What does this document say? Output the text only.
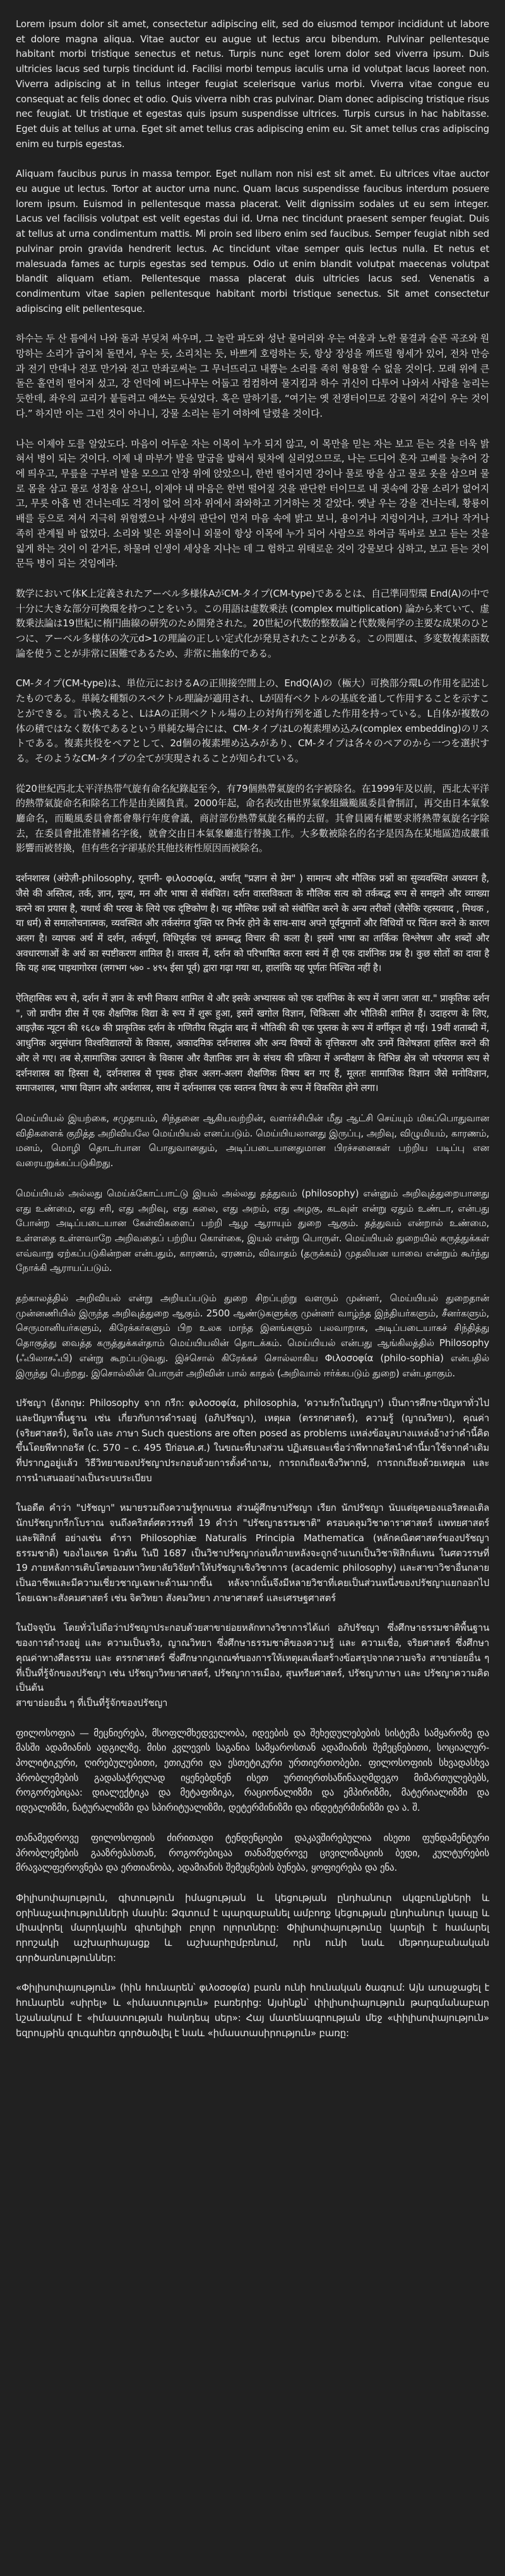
Lorem ipsum dolor sit amet, consectetur adipiscing elit, sed do eiusmod tempor incididunt ut labore et dolore magna aliqua. Vitae auctor eu augue ut lectus arcu bibendum. Pulvinar pellentesque habitant morbi tristique senectus et netus. Turpis nunc eget lorem dolor sed viverra ipsum. Duis ultricies lacus sed turpis tincidunt id. Facilisi morbi tempus iaculis urna id volutpat lacus laoreet non. Viverra adipiscing at in tellus integer feugiat scelerisque varius morbi. Viverra vitae congue eu consequat ac felis donec et odio. Quis viverra nibh cras pulvinar. Diam donec adipiscing tristique risus nec feugiat. Ut tristique et egestas quis ipsum suspendisse ultrices. Turpis cursus in hac habitasse. Eget duis at tellus at urna. Eget sit amet tellus cras adipiscing enim eu. Sit amet tellus cras adipiscing enim eu turpis egestas.

Aliquam faucibus purus in massa tempor. Eget nullam non nisi est sit amet. Eu ultrices vitae auctor eu augue ut lectus. Tortor at auctor urna nunc. Quam lacus suspendisse faucibus interdum posuere lorem ipsum. Euismod in pellentesque massa placerat. Velit dignissim sodales ut eu sem integer. Lacus vel facilisis volutpat est velit egestas dui id. Urna nec tincidunt praesent semper feugiat. Duis at tellus at urna condimentum mattis. Mi proin sed libero enim sed faucibus. Semper feugiat nibh sed pulvinar proin gravida hendrerit lectus. Ac tincidunt vitae semper quis lectus nulla. Et netus et malesuada fames ac turpis egestas sed tempus. Odio ut enim blandit volutpat maecenas volutpat blandit aliquam etiam. Pellentesque massa placerat duis ultricies lacus sed. Venenatis a condimentum vitae sapien pellentesque habitant morbi tristique senectus. Sit amet consectetur adipiscing elit pellentesque.

하수는 두 산 틈에서 나와 돌과 부딪쳐 싸우며, 그 놀란 파도와 성난 물머리와 우는 여울과 노한 물결과 슬픈 곡조와 원망하는 소리가 굽이쳐 돌면서, 우는 듯, 소리치는 듯, 바쁘게 호령하는 듯, 항상 장성을 깨뜨릴 형세가 있어, 전차 만승과 전기 만대나 전포 만가와 전고 만좌로써는 그 무너뜨리고 내뿜는 소리를 족히 형용할 수 없을 것이다. 모래 위에 큰 돌은 홀연히 떨어져 섰고, 강 언덕에 버드나무는 어둡고 컴컴하여 물지킴과 하수 귀신이 다투어 나와서 사람을 놀리는 듯한데, 좌우의 교리가 붙들려고 애쓰는 듯싶었다. 혹은 말하기를, “여기는 옛 전쟁터이므로 강물이 저같이 우는 것이다.” 하지만 이는 그런 것이 아니니, 강물 소리는 듣기 여하에 달렸을 것이다.

나는 이제야 도를 알았도다. 마음이 어두운 자는 이목이 누가 되지 않고, 이 목만을 믿는 자는 보고 듣는 것을 더욱 밝혀서 병이 되는 것이다. 이제 내 마부가 발을 말굽을 밟혀서 뒷차에 실리었으므로, 나는 드디어 혼자 고삐를 늦추어 강에 띄우고, 무릎을 구부려 발을 모으고 안장 위에 앉았으니, 한번 떨어지면 강이나 물로 땅을 삼고 물로 옷을 삼으며 물로 몸을 삼고 물로 성정을 삼으니, 이제야 내 마음은 한번 떨어질 것을 판단한 터이므로 내 귓속에 강물 소리가 없어지고, 무릇 아홉 번 건너는데도 걱정이 없어 의자 위에서 좌와하고 기거하는 것 같았다. 옛날 우는 강을 건너는데, 황룡이 배를 등으로 져서 지극히 위험했으나 사생의 판단이 먼저 마음 속에 밝고 보니, 용이거나 지렁이거나, 크거나 작거나 족히 관계될 바 없었다. 소리와 빛은 외물이니 외물이 항상 이목에 누가 되어 사람으로 하여금 똑바로 보고 듣는 것을 잃게 하는 것이 이 같거든, 하물며 인생이 세상을 지나는 데 그 험하고 위태로운 것이 강물보다 심하고, 보고 듣는 것이 문득 병이 되는 것임에랴.

数学において体K上定義されたアーベル多様体AがCM-タイプ(CM-type)であるとは、自己準同型環 End(A)の中で十分に大きな部分可換環を持つことをいう。この用語は虚数乗法 (complex multiplication) 論から来ていて、虚数乗法論は19世紀に楕円曲線の研究のため開発された。20世紀の代数的整数論と代数幾何学の主要な成果のひとつに、アーベル多様体の次元d>1の理論の正しい定式化が発見されたことがある。この問題は、多変数複素函数論を使うことが非常に困難であるため、非常に抽象的である。

CM-タイプ(CM-type)は、単位元におけるAの正則接空間上の、EndQ(A)の（極大）可換部分環Lの作用を記述したものである。単純な種類のスペクトル理論が適用され、Lが固有ベクトルの基底を通して作用することを示すことができる。言い換えると、LはAの正則ベクトル場の上の対角行列を通した作用を持っている。L自体が複数の体の積ではなく数体であるという単純な場合には、CM-タイプはLの複素埋め込み(complex embedding)のリストである。複素共役をペアとして、2d個の複素埋め込みがあり、CM-タイプは各々のペアのから一つを選択する。そのようなCM-タイプの全てが実現されることが知られている。

從20世紀西北太平洋热带气旋有命名紀錄起至今，有79個熱帶氣旋的名字被除名。在1999年及以前，西北太平洋的熱帶氣旋命名和除名工作是由美國負責。2000年起，命名表改由世界氣象組織颱風委員會制訂，再交由日本氣象廳命名，而颱風委員會都會舉行年度會議，商討部份熱帶氣旋名稱的去留。其會員國有權要求將熱帶氣旋名字除去，在委員會批准替補名字後，就會交由日本氣象廳進行替換工作。大多數被除名的名字是因為在某地區造成嚴重影響而被替換，但有些名字卻基於其他技術性原因而被除名。

दर्शनशास्त्र (अंग्रेज़ी-philosophy, यूनानी- φιλοσοφία, अर्थात् "प्रज्ञान से प्रेम" ) सामान्य और मौलिक प्रश्नों का सुव्यवस्थित अध्ययन है, जैसे की अस्तित्व, तर्क, ज्ञान, मूल्य, मन और भाषा से संबंधित। दर्शन वास्तविकता के मौलिक सत्य को तर्कबद्ध रूप से समझने और व्याख्या करने का प्रयास है, यथार्थ की परख के लिये एक दृष्टिकोण है। यह मौलिक प्रश्नों को संबोधित करने के अन्य तरीकों (जैसेकि रहस्यवाद , मिथक , या धर्म) से समालोचनात्मक, व्यवस्थित और तर्कसंगत युक्ति पर निर्भर होने के साथ-साथ अपने पूर्वनुमानों और विधियों पर चिंतन करने के कारण अलग है। व्यापक अर्थ में दर्शन, तर्कपूर्ण, विधिपूर्वक एवं क्रमबद्ध विचार की कला है। इसमें भाषा का तार्किक विश्लेषण और शब्दों और अवधारणाओं के अर्थ का स्पष्टीकरण शामिल है। वास्तव में, दर्शन को परिभाषित करना स्वयं में ही एक दार्शनिक प्रश्न है। कुछ सोतों का दावा है कि यह शब्द पाइथागोरस (लगभग ५७० - ४९५ ईसा पूर्व) द्वारा गढ़ा गया था, हालांकि यह पूर्णतः निश्चित नहीं है।

ऐतिहासिक रूप से, दर्शन में ज्ञान के सभी निकाय शामिल थे और इसके अभ्यासक को एक दार्शनिक के रूप में जाना जाता था." प्राकृतिक दर्शन ", जो प्राचीन ग्रीस में एक शैक्षणिक विद्या के रूप में शुरू हुआ, इसमें खगोल विज्ञान, चिकित्सा और भौतिकी शामिल हैं। उदाहरण के लिए, आइज़ैक न्यूटन की १६८७ की प्राकृतिक दर्शन के गणितीय सिद्धांत बाद में भौतिकी की एक पुस्तक के रूप में वर्गीकृत हो गई। 19वीं शताब्दी में, आधुनिक अनुसंधान विश्वविद्यालयों के विकास, अकादमिक दर्शनशास्त्र और अन्य विषयों के वृत्तिकरण और उनमें विशेषज्ञता हासिल करने की ओर ले गए। तब से,सामाजिक उत्पादन के विकास और वैज्ञानिक ज्ञान के संचय की प्रक्रिया में अन्वीक्षण के विभिन्न क्षेत्र जो परंपरागत रूप से दर्शनशास्त्र का हिस्सा थे, दर्शनशास्त्र से पृथक होकर अलग-अलग शैक्षणिक विषय बन गए हैं, मूलतः सामाजिक विज्ञान जैसे मनोविज्ञान, समाजशास्त्र, भाषा विज्ञान और अर्थशास्त्र, साथ में दर्शनशास्त्र एक स्वतन्त्र विषय के रूप में विकसित होने लगा।

மெய்யியல் இயற்கை, சமுதாயம், சிந்தனை ஆகியவற்றின், வளர்ச்சியின் மீது ஆட்சி செய்யும் மிகப்பொதுவான விதிகளைக் குறித்த அறிவியலே மெய்யியல் எனப்படும். மெய்யியலானது இருப்பு, அறிவு, விழுமியம், காரணம், மனம், மொழி தொடர்பான பொதுவானதும், அடிப்படையானதுமான பிரச்சனைகள் பற்றிய படிப்பு என வரையறுக்கப்படுகிறது.

மெய்யியல் அல்லது மெய்க்கோட்பாட்டு இயல் அல்லது தத்துவம் (philosophy) என்னும் அறிவுத்துறையானது எது உண்மை, எது சரி, எது அறிவு, எது கலை, எது அறம், எது அழகு, கடவுள் என்று ஏதும் உண்டா, என்பது போன்ற அடிப்படையான கேள்விகளைப் பற்றி ஆழ ஆராயும் துறை ஆகும். தத்துவம் என்றால் உண்மை, உள்ளதை உள்ளவாறே அறிவதைப் பற்றிய கொள்கை, இயல் என்று பொருள். மெய்யியல் துறையில் கருத்துக்கள் எவ்வாறு ஏற்கப்படுகின்றன என்பதும், காரணம், ஏரணம், விவாதம் (தருக்கம்) முதலியன யாவை என்றும் கூர்ந்து நோக்கி ஆராயப்படும்.

தற்காலத்தில் அறிவியல் என்று அறியப்படும் துறை சிறப்புற்று வளரும் முன்னர், மெய்யியல் துறைதான் முன்னணியில் இருந்த அறிவுத்துறை ஆகும். 2500 ஆண்டுகளுக்கு முன்னர் வாழ்ந்த இந்தியர்களும், சீனர்களும், செருமானியர்களும், கிரேக்கர்களும் பிற உலக மாந்த இனங்களும் பலவாறாக, அடிப்படையாகச் சிந்தித்து தொகுத்து வைத்த கருத்துக்கள்தாம் மெய்யியலின் தொடக்கம். மெய்யியல் என்பது ஆங்கிலத்தில் Philosophy (ஃபிலாசஃபி) என்று கூறப்படுவது. இச்சொல் கிரேக்கச் சொல்லாகிய Φιλοσοφία (philo-sophia) என்பதில் இருந்து பெற்றது. இசொல்லின் பொருள் அறிவின் பால் காதல் (அறிவால் ஈர்க்கபடும் துறை) என்பதாகும்.

ปรัชญา (อังกฤษ: Philosophy จาก กรีก: φιλοσοφία, philosophia, 'ความรักในปัญญา') เป็นการศึกษาปัญหาทั่วไปและปัญหาพื้นฐาน เช่น เกี่ยวกับการดำรงอยู่ (อภิปรัชญา), เหตุผล (ตรรกศาสตร์), ความรู้ (ญาณวิทยา), คุณค่า (จริยศาสตร์), จิตใจ และ ภาษา Such questions are often posed as problems แหล่งข้อมูลบางแหล่งอ้างว่าคำนี้คิดขึ้นโดยพีทากอรัส (c. 570 – c. 495 ปีก่อนค.ศ.) ในขณะที่บางส่วน ปฏิเสธและเชื่อว่าพีทากอรัสนำคำนี้มาใช้จากคำเดิมที่ปรากฏอยู่แล้ว วิธีวิทยาของปรัชญาประกอบด้วยการตั้งคำถาม, การถกเถียงเชิงวิพากษ์, การถกเถียงด้วยเหตุผล และการนำเสนออย่างเป็นระบบระเบียบ

ในอดีต คำว่า "ปรัชญา" หมายรวมถึงความรู้ทุกแขนง ส่วนผู้ศึกษาปรัชญา เรียก นักปรัชญา นับแต่ยุคของแอริสตอเติล นักปรัชญากรีกโบราณ จนถึงคริสต์ศตวรรษที่ 19 คำว่า "ปรัชญาธรรมชาติ" ครอบคลุมวิชาดาราศาสตร์ แพทยศาสตร์และฟิสิกส์ อย่างเช่น ตำรา Philosophiæ Naturalis Principia Mathematica (หลักคณิตศาสตร์ของปรัชญาธรรมชาติ) ของไอแซค นิวตัน ในปี 1687 เป็นวิชาปรัชญาก่อนที่ภายหลังจะถูกจำแนกเป็นวิชาฟิสิกส์แทน ในศตวรรษที่ 19 ภายหลังการเติบโตของมหาวิทยาลัยวิจัยทำให้ปรัชญาเชิงวิชาการ (academic philosophy) และสาขาวิชาอื่นกลายเป็นอาชีพและมีความเชี่ยวชาญเฉพาะด้านมากขึ้น หลังจากนั้นจึงมีหลายวิชาที่เคยเป็นส่วนหนึ่งของปรัชญาแยกออกไป โดยเฉพาะสังคมศาสตร์ เช่น จิตวิทยา สังคมวิทยา ภาษาศาสตร์ และเศรษฐศาสตร์

ในปัจจุบัน โดยทั่วไปถือว่าปรัชญาประกอบด้วยสาขาย่อยหลักทางวิชาการได้แก่ อภิปรัชญา ซึ่งศึกษาธรรมชาติพื้นฐานของการดำรงอยู่ และ ความเป็นจริง, ญาณวิทยา ซึ่งศึกษาธรรมชาติของความรู้ และ ความเชื่อ, จริยศาสตร์ ซึ่งศึกษาคุณค่าทางศีลธรรม และ ตรรกศาสตร์ ซึ่งศึกษากฎเกณฑ์ของการให้เหตุผลเพื่อสร้างข้อสรุปจากความจริง สาขาย่อยอื่น ๆ ที่เป็นที่รู้จักของปรัชญา เช่น ปรัชญาวิทยาศาสตร์, ปรัชญาการเมือง, สุนทรียศาสตร์, ปรัชญาภาษา และ ปรัชญาความคิด เป็นต้น
สาขาย่อยอื่น ๆ ที่เป็นที่รู้จักของปรัชญา

ფილოსოფია — მეცნიერება, მსოფლმხედველობა, იდეების და შეხედულებების სისტემა სამყაროზე და მასში ადამიანის ადგილზე. მისი კვლევის საგანია სამყაროსთან ადამიანის შემეცნებითი, სოციალურ-პოლიტიკური, ღირებულებითი, ეთიკური და ესთეტიკური ურთიერთობები. ფილოსოფიის სხვადასხვა პრობლემების გადასაჭრელად იყენებდნენ ისეთ ურთიერთსაწინააღმდეგო მიმართულებებს, როგორებიცაა: დიალექტიკა და მეტაფიზიკა, რაციონალიზმი და ემპირიზმი, მატერიალიზმი და იდეალიზმი, ნატურალიზმი და სპირიტუალიზმი, დეტერმინიზმი და ინდეტერმინიზმი და ა. შ.

თანამედროვე ფილოსოფიის ძირითადი ტენდენციები დაკავშირებულია ისეთი ფუნდამენტური პრობლემების გააზრებასთან, როგორებიცაა თანამედროვე ცივილიზაციის ბედი, კულტურების მრავალფეროვნება და ერთიანობა, ადამიანის შემეცნების ბუნება, ყოფიერება და ენა.

Փիլիսոփայություն, գիտություն իմացության և կեցության ընդհանուր սկզբունքների և օրինաչափությունների մասին: Ձգտում է պարզաբանել ամբողջ կեցության ընդհանուր կապը և միավորել մարդկային գիտելիքի բոլոր ոլորտները: Փիլիսոփայությունը կարելի է համարել որոշակի աշխարհայացք և աշխարհըմբռնում, որն ունի նաև մեթոդաբանական գործառնություններ:

«Փիլիսոփայություն» (հին հունարեն՝ φιλοσοφία) բառն ունի հունական ծագում: Այն առաջացել է հունարեն «սիրել» և «իմաստություն» բառերից: Այսինքն՝ փիլիսոփայություն թարգմանաբար նշանակում է «իմաստության հանդեպ սեր»: Հայ մատենագրության մեջ «փիլիսոփայություն» եզրույթին զուգահեռ գործածվել է նաև «իմաստասիրություն» բառը:
